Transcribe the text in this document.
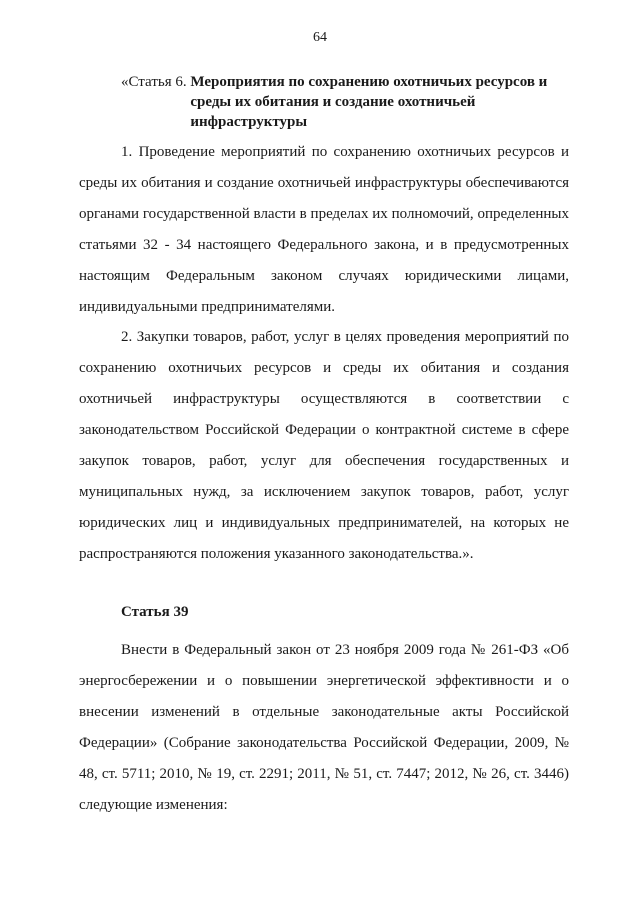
64
«Статья 6. Мероприятия по сохранению охотничьих ресурсов и среды их обитания и создание охотничьей инфраструктуры

1. Проведение мероприятий по сохранению охотничьих ресурсов и среды их обитания и создание охотничьей инфраструктуры обеспечиваются органами государственной власти в пределах их полномочий, определенных статьями 32 - 34 настоящего Федерального закона, и в предусмотренных настоящим Федеральным законом случаях юридическими лицами, индивидуальными предпринимателями.

2. Закупки товаров, работ, услуг в целях проведения мероприятий по сохранению охотничьих ресурсов и среды их обитания и создания охотничьей инфраструктуры осуществляются в соответствии с законодательством Российской Федерации о контрактной системе в сфере закупок товаров, работ, услуг для обеспечения государственных и муниципальных нужд, за исключением закупок товаров, работ, услуг юридических лиц и индивидуальных предпринимателей, на которых не распространяются положения указанного законодательства.».

Статья 39

Внести в Федеральный закон от 23 ноября 2009 года № 261-ФЗ «Об энергосбережении и о повышении энергетической эффективности и о внесении изменений в отдельные законодательные акты Российской Федерации» (Собрание законодательства Российской Федерации, 2009, № 48, ст. 5711; 2010, № 19, ст. 2291; 2011, № 51, ст. 7447; 2012, № 26, ст. 3446) следующие изменения:
